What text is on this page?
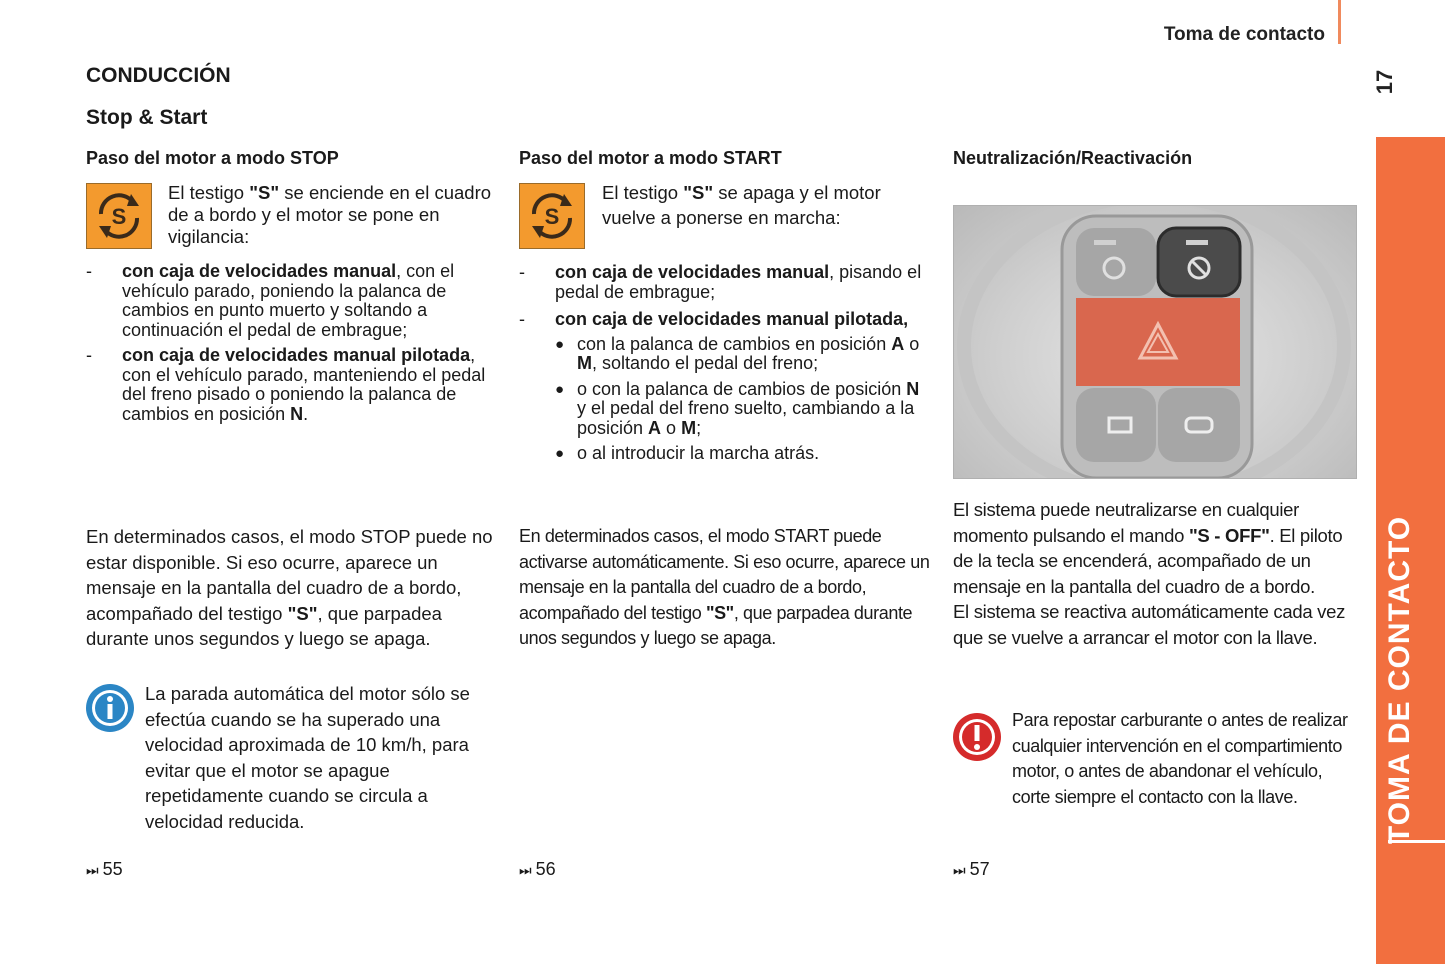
Toma de contacto
17
TOMA DE CONTACTO
CONDUCCIÓN
Stop & Start
Paso del motor a modo STOP
S
El testigo "S" se enciende en el cuadro de a bordo y el motor se pone en vigilancia:
- con caja de velocidades manual, con el vehículo parado, poniendo la palanca de cambios en punto muerto y soltando a continuación el pedal de embrague;
- con caja de velocidades manual pilotada, con el vehículo parado, manteniendo el pedal del freno pisado o poniendo la palanca de cambios en posición N.
En determinados casos, el modo STOP puede no estar disponible. Si eso ocurre, aparece un mensaje en la pantalla del cuadro de a bordo, acompañado del testigo "S", que parpadea durante unos segundos y luego se apaga.
La parada automática del motor sólo se efectúa cuando se ha superado una velocidad aproximada de 10 km/h, para evitar que el motor se apague repetidamente cuando se circula a velocidad reducida.
⏭ 55
Paso del motor a modo START
S
El testigo "S" se apaga y el motor vuelve a ponerse en marcha:
- con caja de velocidades manual, pisando el pedal de embrague;
- con caja de velocidades manual pilotada,
● con la palanca de cambios en posición A o M, soltando el pedal del freno;
● o con la palanca de cambios de posición N y el pedal del freno suelto, cambiando a la posición A o M;
● o al introducir la marcha atrás.
En determinados casos, el modo START puede activarse automáticamente. Si eso ocurre, aparece un mensaje en la pantalla del cuadro de a bordo, acompañado del testigo "S", que parpadea durante unos segundos y luego se apaga.
⏭ 56
Neutralización/Reactivación
El sistema puede neutralizarse en cualquier momento pulsando el mando "S - OFF". El piloto de la tecla se encenderá, acompañado de un mensaje en la pantalla del cuadro de a bordo.
El sistema se reactiva automáticamente cada vez que se vuelve a arrancar el motor con la llave.
Para repostar carburante o antes de realizar cualquier intervención en el compartimiento motor, o antes de abandonar el vehículo, corte siempre el contacto con la llave.
⏭ 57
